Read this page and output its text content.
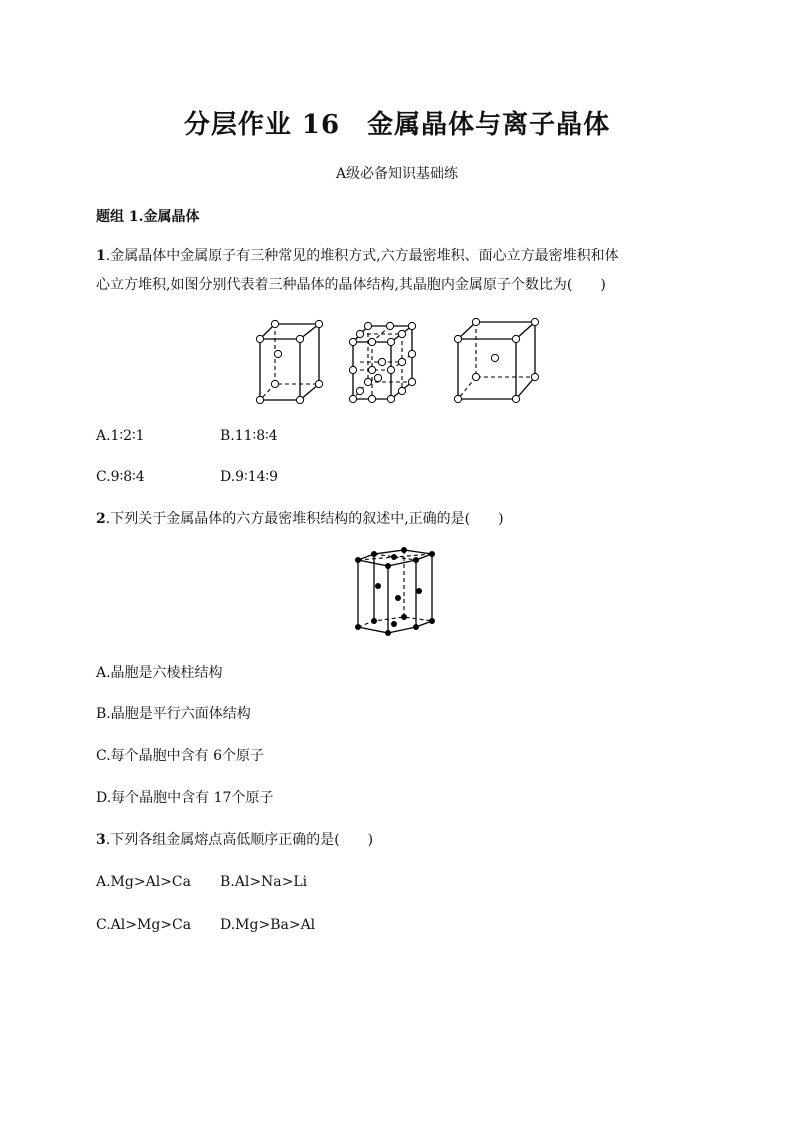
分层作业 16　金属晶体与离子晶体
A级必备知识基础练
题组 1.金属晶体
1.金属晶体中金属原子有三种常见的堆积方式,六方最密堆积、面心立方最密堆积和体
心立方堆积,如图分别代表着三种晶体的晶体结构,其晶胞内金属原子个数比为(　　)
A.1∶2∶1	B.11∶8∶4
C.9∶8∶4	D.9∶14∶9
2.下列关于金属晶体的六方最密堆积结构的叙述中,正确的是(　　)
A.晶胞是六棱柱结构
B.晶胞是平行六面体结构
C.每个晶胞中含有 6个原子
D.每个晶胞中含有 17个原子
3.下列各组金属熔点高低顺序正确的是(　　)
A.Mg>Al>Ca B.Al>Na>Li
C.Al>Mg>Ca D.Mg>Ba>Al
